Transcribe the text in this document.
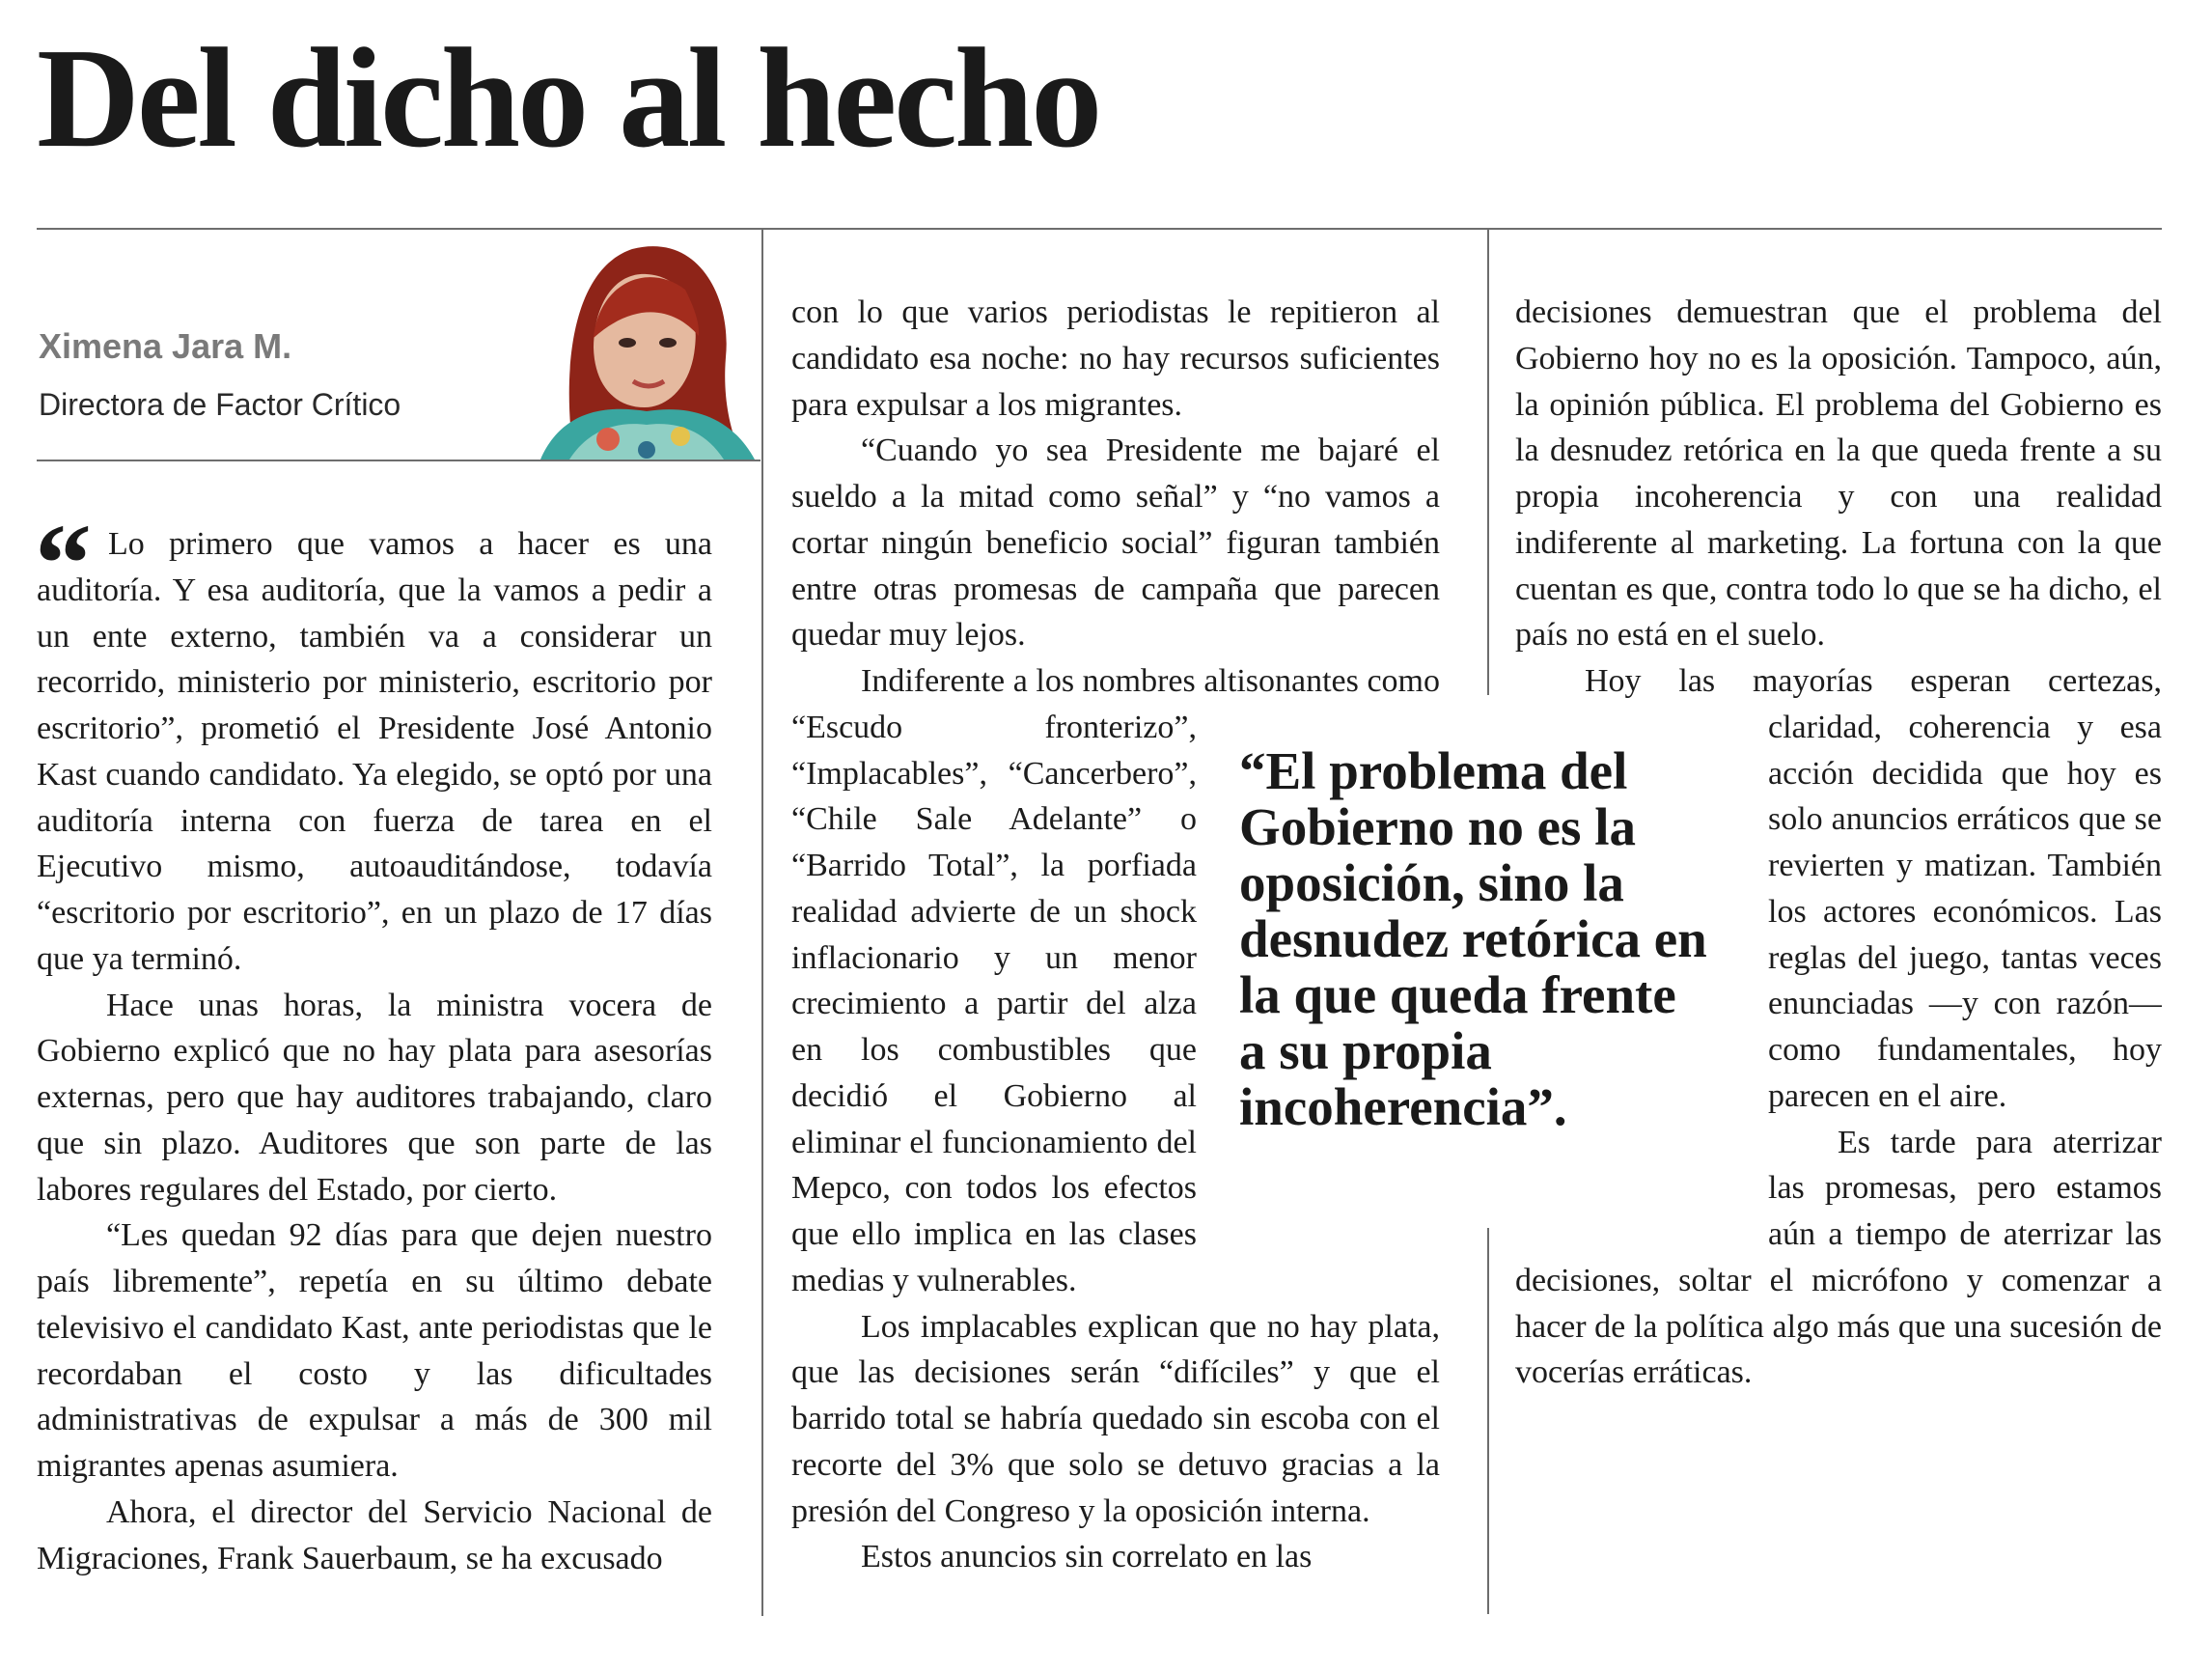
Del dicho al hecho
Ximena Jara M.
Directora de Factor Crítico
“
“El problema del Gobierno no es la oposición, sino la desnudez retórica en la que queda frente a su propia incoherencia”.

Lo primero que vamos a hacer es una auditoría. Y esa auditoría, que la vamos a pedir a un ente externo, también va a considerar un recorrido, ministerio por ministerio, escritorio por escritorio”, prometió el Presidente José Antonio Kast cuando candidato. Ya elegido, se optó por una auditoría interna con fuerza de tarea en el Ejecutivo mismo, autoauditándose, todavía “escritorio por escritorio”, en un plazo de 17 días que ya terminó.

Hace unas horas, la ministra vocera de Gobierno explicó que no hay plata para asesorías externas, pero que hay auditores trabajando, claro que sin plazo. Auditores que son parte de las labores regulares del Estado, por cierto.

“Les quedan 92 días para que dejen nuestro país libremente”, repetía en su último debate televisivo el candidato Kast, ante periodistas que le recordaban el costo y las dificultades administrativas de expulsar a más de 300 mil migrantes apenas asumiera.

Ahora, el director del Servicio Nacional de Migraciones, Frank Sauerbaum, se ha excusado

con lo que varios periodistas le repitieron al candidato esa noche: no hay recursos suficientes para expulsar a los migrantes.

“Cuando yo sea Presidente me bajaré el sueldo a la mitad como señal” y “no vamos a cortar ningún beneficio social” figuran también entre otras promesas de campaña que parecen quedar muy lejos.

Indiferente a los nombres altisonantes como “Escudo fronterizo”, “Implacables”, “Cancerbero”, “Chile Sale Adelante” o “Barrido Total”, la porfiada realidad advierte de un shock inflacionario y un menor crecimiento a partir del alza en los combustibles que decidió el Gobierno al eliminar el funcionamiento del Mepco, con todos los efectos que ello implica en las clases medias y vulnerables.

Los implacables explican que no hay plata, que las decisiones serán “difíciles” y que el barrido total se habría quedado sin escoba con el recorte del 3% que solo se detuvo gracias a la presión del Congreso y la oposición interna.

Estos anuncios sin correlato en las

decisiones demuestran que el problema del Gobierno hoy no es la oposición. Tampoco, aún, la opinión pública. El problema del Gobierno es la desnudez retórica en la que queda frente a su propia incoherencia y con una realidad indiferente al marketing. La fortuna con la que cuentan es que, contra todo lo que se ha dicho, el país no está en el suelo.

Hoy las mayorías esperan certezas, claridad, coherencia y esa acción decidida que hoy es solo anuncios erráticos que se revierten y matizan. También los actores económicos. Las reglas del juego, tantas veces enunciadas —y con razón— como fundamentales, hoy parecen en el aire.

Es tarde para aterrizar las promesas, pero estamos aún a tiempo de aterrizar las decisiones, soltar el micrófono y comenzar a hacer de la política algo más que una sucesión de vocerías erráticas.
